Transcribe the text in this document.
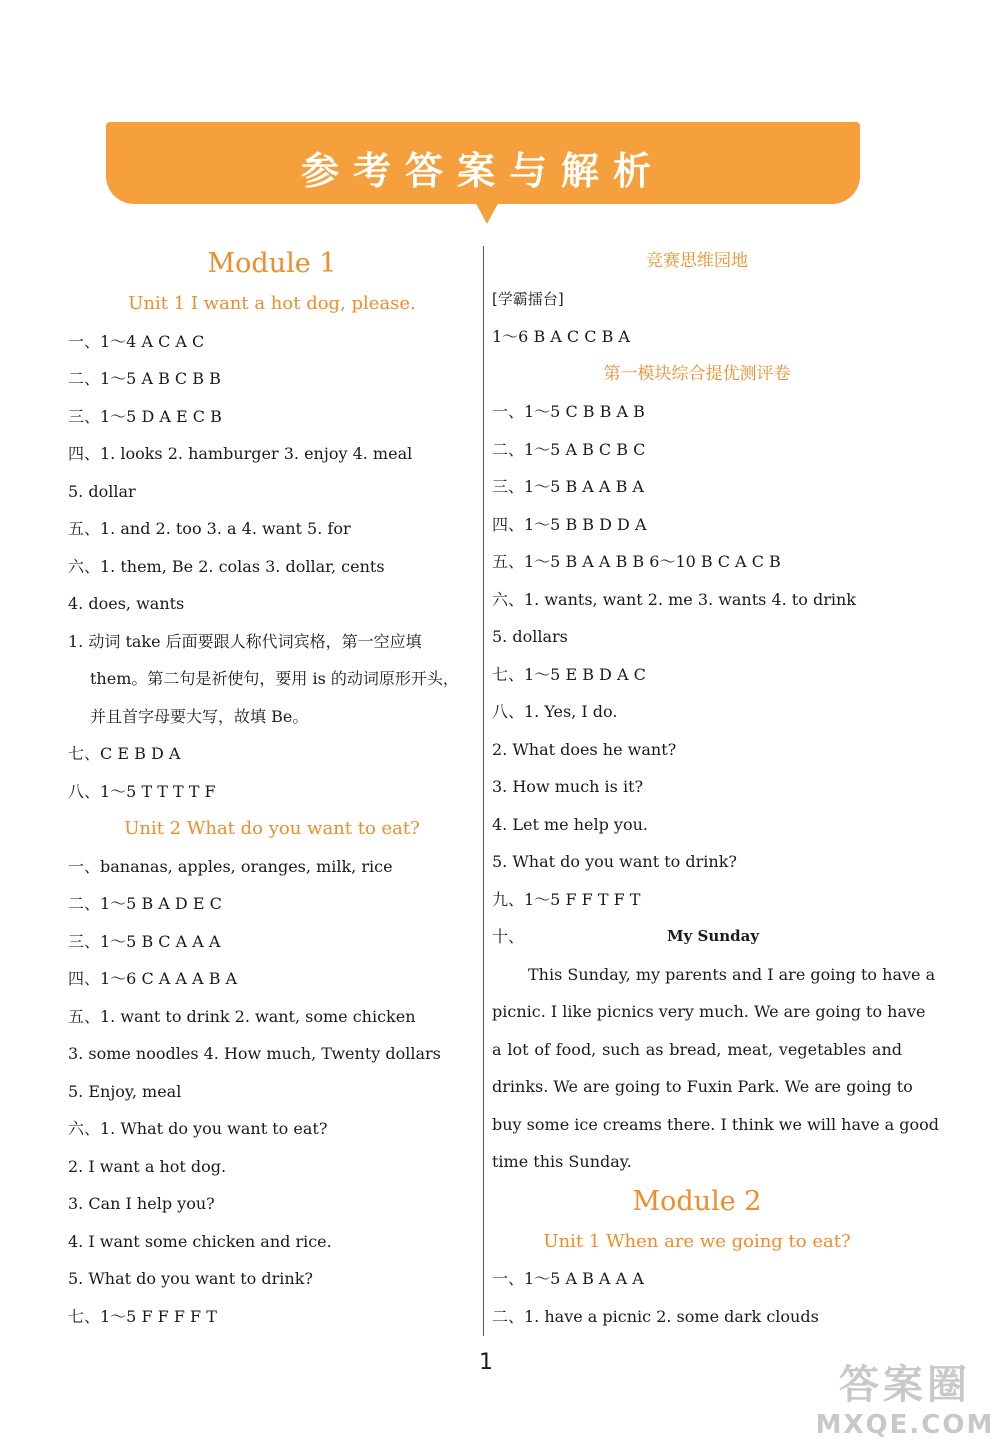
参考答案与解析
Module 1
Unit 1 I want a hot dog, please.
一、1～4 A C A C
二、1～5 A B C B B
三、1～5 D A E C B
四、1. looks 2. hamburger 3. enjoy 4. meal
5. dollar
五、1. and 2. too 3. a 4. want 5. for
六、1. them, Be 2. colas 3. dollar, cents
4. does, wants
1. 动词 take 后面要跟人称代词宾格，第一空应填
them。第二句是祈使句，要用 is 的动词原形开头，
并且首字母要大写，故填 Be。
七、C E B D A
八、1～5 T T T T F
Unit 2 What do you want to eat?
一、bananas, apples, oranges, milk, rice
二、1～5 B A D E C
三、1～5 B C A A A
四、1～6 C A A A B A
五、1. want to drink 2. want, some chicken
3. some noodles 4. How much, Twenty dollars
5. Enjoy, meal
六、1. What do you want to eat?
2. I want a hot dog.
3. Can I help you?
4. I want some chicken and rice.
5. What do you want to drink?
七、1～5 F F F F T
竞赛思维园地
[学霸擂台]
1～6 B A C C B A
第一模块综合提优测评卷
一、1～5 C B B A B
二、1～5 A B C B C
三、1～5 B A A B A
四、1～5 B B D D A
五、1～5 B A A B B 6～10 B C A C B
六、1. wants, want 2. me 3. wants 4. to drink
5. dollars
七、1～5 E B D A C
八、1. Yes, I do.
2. What does he want?
3. How much is it?
4. Let me help you.
5. What do you want to drink?
九、1～5 F F T F T
十、	My Sunday
This Sunday, my parents and I are going to have a
picnic. I like picnics very much. We are going to have
a lot of food, such as bread, meat, vegetables and
drinks. We are going to Fuxin Park. We are going to
buy some ice creams there. I think we will have a good
time this Sunday.
Module 2
Unit 1 When are we going to eat?
一、1～5 A B A A A
二、1. have a picnic 2. some dark clouds
1	答案圈
MXQE.COM
